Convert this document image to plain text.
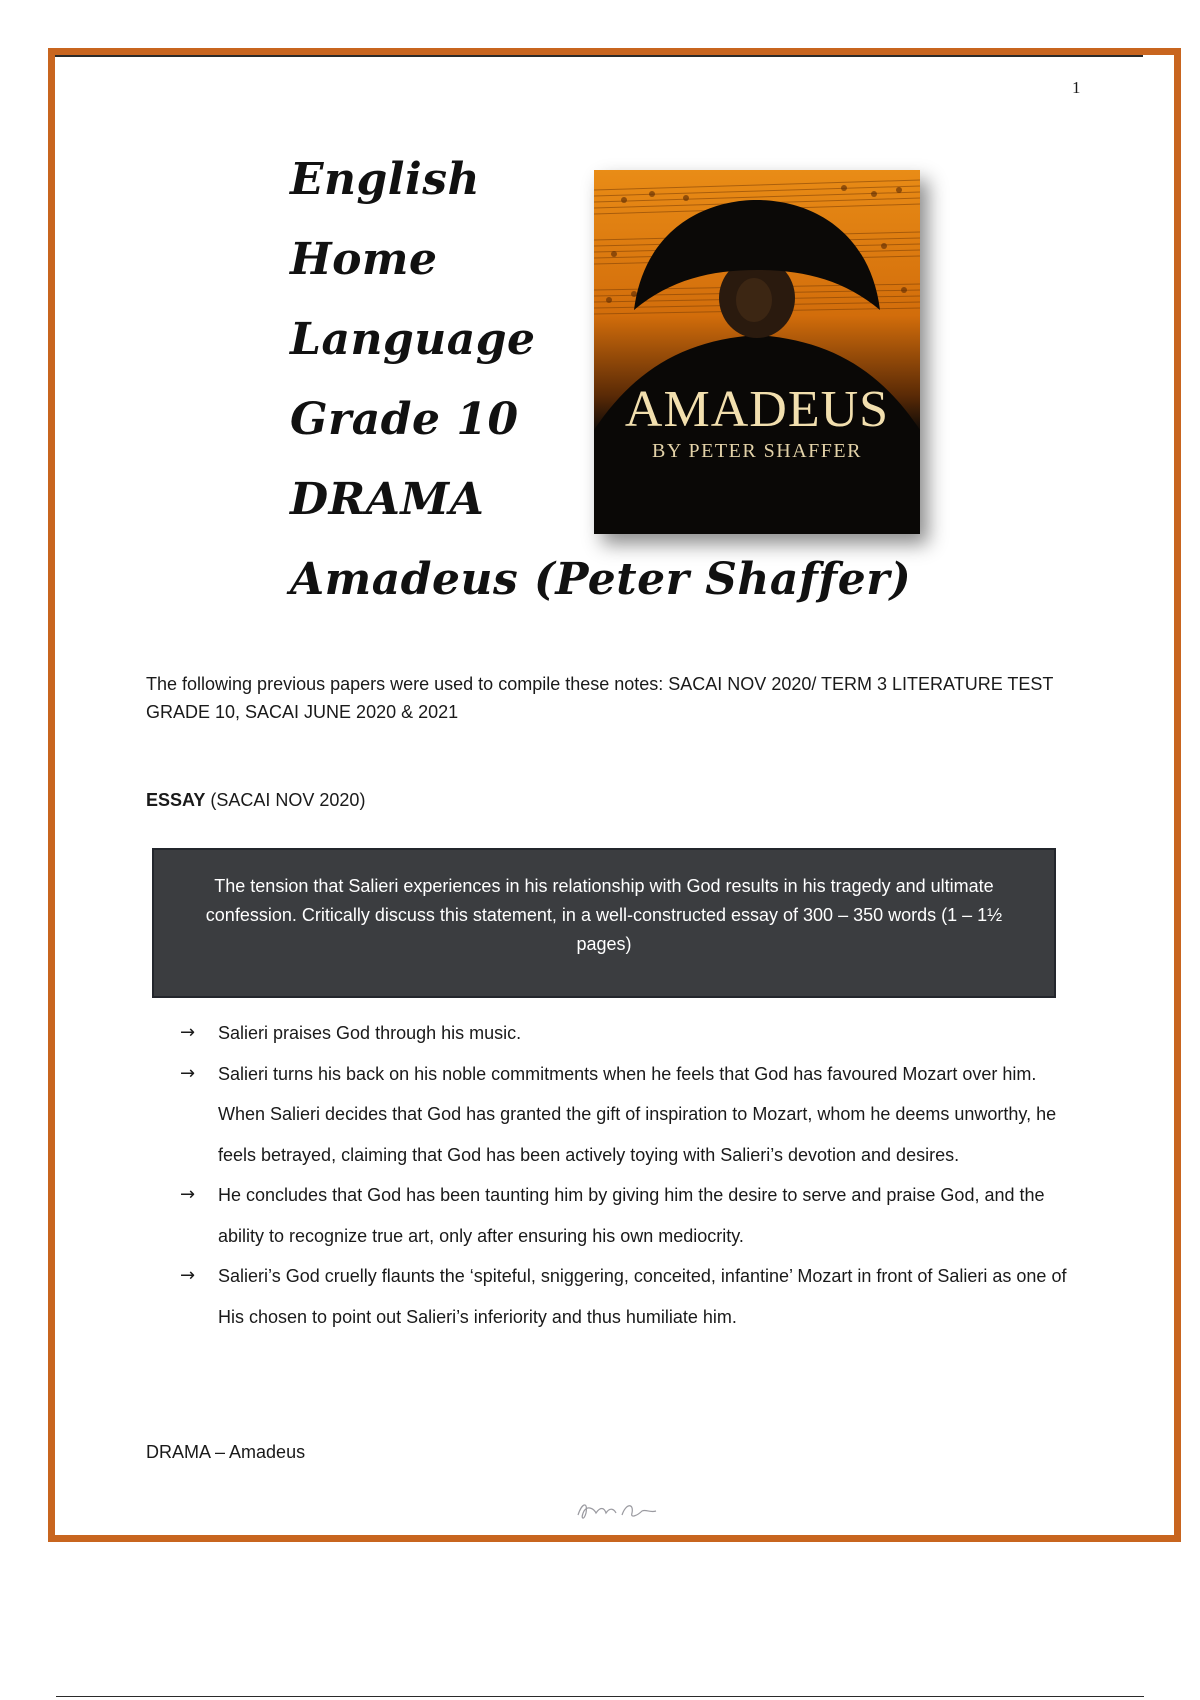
1
English
Home
Language
Grade 10
DRAMA
Amadeus (Peter Shaffer)
AMADEUS
BY PETER SHAFFER
The following previous papers were used to compile these notes: SACAI NOV 2020/ TERM 3 LITERATURE TEST GRADE 10, SACAI JUNE 2020 & 2021
ESSAY (SACAI NOV 2020)
The tension that Salieri experiences in his relationship with God results in his tragedy and ultimate confession. Critically discuss this statement, in a well-constructed essay of 300 – 350 words (1 – 1½ pages)
→ Salieri praises God through his music.
→ Salieri turns his back on his noble commitments when he feels that God has favoured Mozart over him. When Salieri decides that God has granted the gift of inspiration to Mozart, whom he deems unworthy, he feels betrayed, claiming that God has been actively toying with Salieri’s devotion and desires.
→ He concludes that God has been taunting him by giving him the desire to serve and praise God, and the ability to recognize true art, only after ensuring his own mediocrity.
→ Salieri’s God cruelly flaunts the ‘spiteful, sniggering, conceited, infantine’ Mozart in front of Salieri as one of His chosen to point out Salieri’s inferiority and thus humiliate him.
DRAMA – Amadeus
